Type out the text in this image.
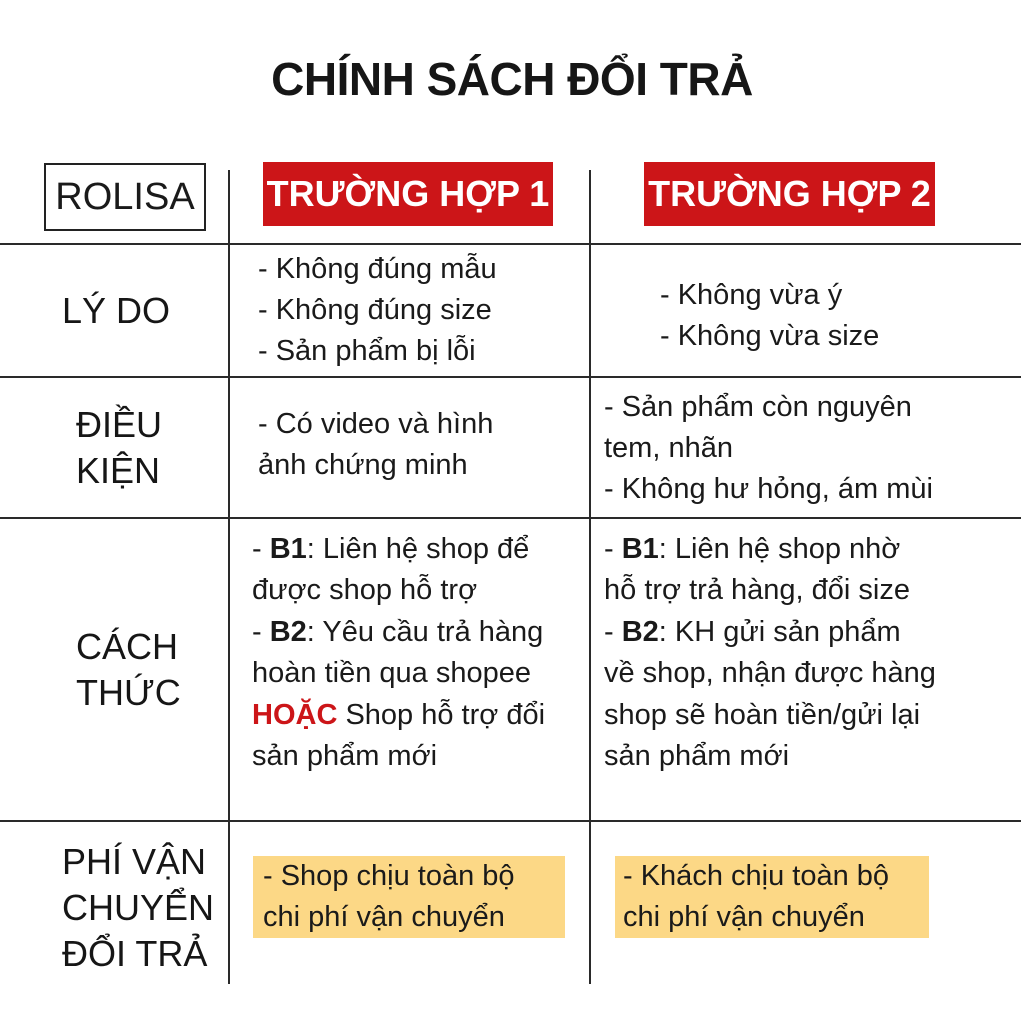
CHÍNH SÁCH ĐỔI TRẢ
ROLISA TRƯỜNG HỢP 1	TRƯỜNG HỢP 2
LÝ DO

- Không đúng mẫu

- Không đúng size

- Sản phẩm bị lỗi

- Không vừa ý

- Không vừa size

ĐIỀU
KIỆN

- Có video và hình

ảnh chứng minh

- Sản phẩm còn nguyên

tem, nhãn

- Không hư hỏng, ám mùi

CÁCH
THỨC

- B1: Liên hệ shop để

được shop hỗ trợ

- B2: Yêu cầu trả hàng

hoàn tiền qua shopee

HOẶC Shop hỗ trợ đổi

sản phẩm mới

- B1: Liên hệ shop nhờ

hỗ trợ trả hàng, đổi size

- B2: KH gửi sản phẩm

về shop, nhận được hàng

shop sẽ hoàn tiền/gửi lại

sản phẩm mới

PHÍ VẬN
CHUYỂN
ĐỔI TRẢ

- Shop chịu toàn bộ

chi phí vận chuyển

- Khách chịu toàn bộ

chi phí vận chuyển
